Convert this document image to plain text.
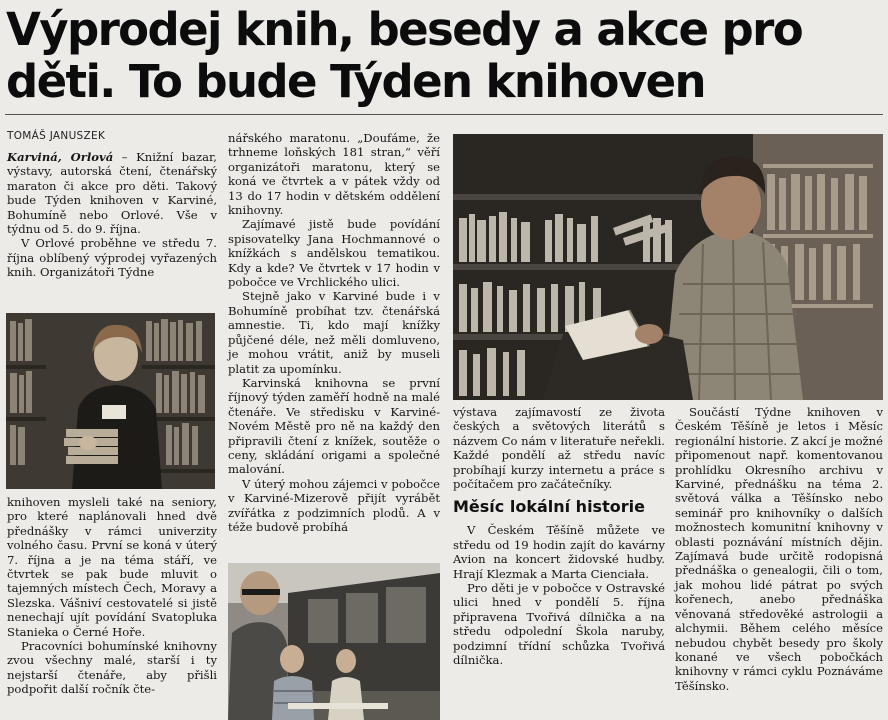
Výprodej knih, besedy a akce pro děti. To bude Týden knihoven
TOMÁŠ JANUSZEK

Karviná, Orlová – Knižní bazar, výstavy, autorská čtení, čtenářský maraton či akce pro děti. Takový bude Týden knihoven v Karviné, Bohumíně nebo Orlové. Vše v týdnu od 5. do 9. října.

V Orlové proběhne ve středu 7. října oblíbený výprodej vyřazených knih. Organizátoři Týdne

knihoven mysleli také na seniory, pro které naplánovali hned dvě přednášky v rámci univerzity volného času. První se koná v úterý 7. října a je na téma stáří, ve čtvrtek se pak bude mluvit o tajemných místech Čech, Moravy a Slezska. Vášniví cestovatelé si jistě nenechají ujít povídání Svatopluka Stanieka o Černé Hoře.

Pracovníci bohumínské knihovny zvou všechny malé, starší i ty nejstarší čtenáře, aby přišli podpořit další ročník čte-

nářského maratonu. „Doufáme, že trhneme loňských 181 stran,“ věří organizátoři maratonu, který se koná ve čtvrtek a v pátek vždy od 13 do 17 hodin v dětském oddělení knihovny.

Zajímavé jistě bude povídání spisovatelky Jana Hochmannové o knížkách s andělskou tematikou. Kdy a kde? Ve čtvrtek v 17 hodin v pobočce ve Vrchlického ulici.

Stejně jako v Karviné bude i v Bohumíně probíhat tzv. čtenářská amnestie. Ti, kdo mají knížky půjčené déle, než měli domluveno, je mohou vrátit, aniž by museli platit za upomínku.

Karvinská knihovna se první říjnový týden zaměří hodně na malé čtenáře. Ve středisku v Karviné-Novém Městě pro ně na každý den připravili čtení z knížek, soutěže o ceny, skládání origami a společné malování.

V úterý mohou zájemci v pobočce v Karviné-Mizerově přijít vyrábět zvířátka z podzimních plodů. A v téže budově probíhá

výstava zajímavostí ze života českých a světových literátů s názvem Co nám v literatuře neřekli. Každé pondělí až středu navíc probíhají kurzy internetu a práce s počítačem pro začátečníky.

Měsíc lokální historie

V Českém Těšíně můžete ve středu od 19 hodin zajít do kavárny Avion na koncert židovské hudby. Hrají Klezmak a Marta Cienciała.

Pro děti je v pobočce v Ostravské ulici hned v pondělí 5. října připravena Tvořivá dílnička a na středu odpolední Škola naruby, podzimní třídní schůzka Tvořivá dílnička.

Součástí Týdne knihoven v Českém Těšíně je letos i Měsíc regionální historie. Z akcí je možné připomenout např. komentovanou prohlídku Okresního archivu v Karviné, přednášku na téma 2. světová válka a Těšínsko nebo seminář pro knihovníky o dalších možnostech komunitní knihovny v oblasti poznávání místních dějin. Zajímavá bude určitě rodopisná přednáška o genealogii, čili o tom, jak mohou lidé pátrat po svých kořenech, anebo přednáška věnovaná středověké astrologii a alchymii. Během celého měsíce nebudou chybět besedy pro školy konané ve všech pobočkách knihovny v rámci cyklu Poznáváme Těšínsko.
